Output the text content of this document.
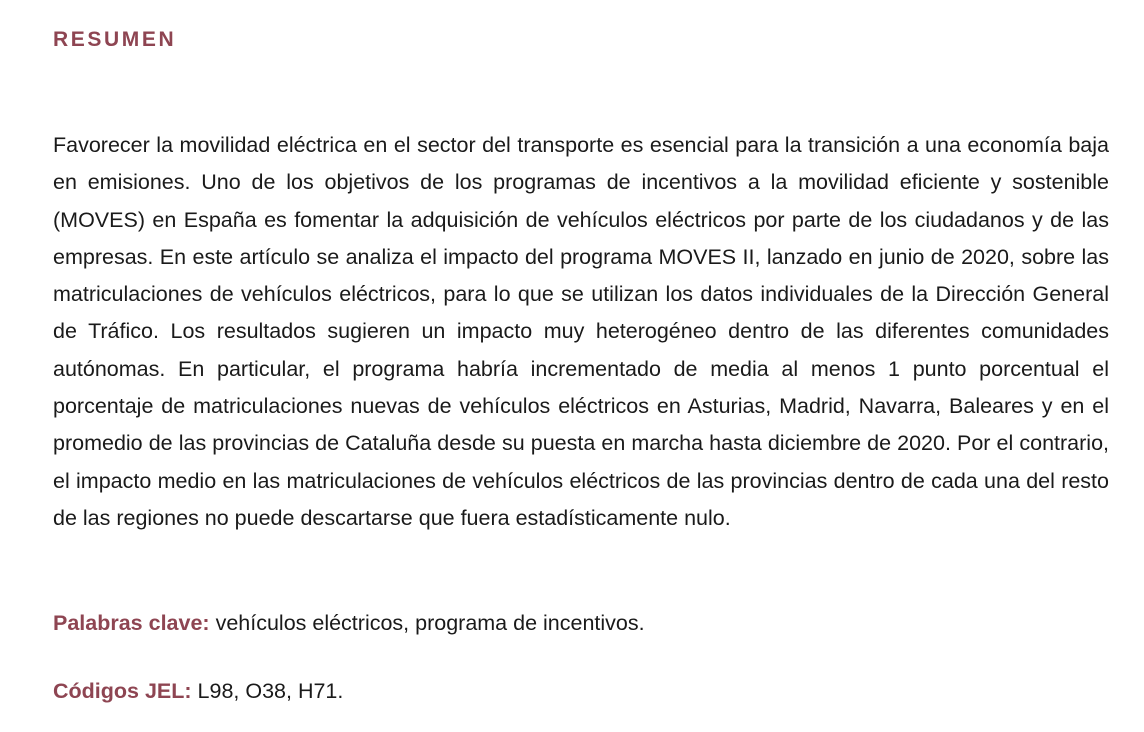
RESUMEN

Favorecer la movilidad eléctrica en el sector del transporte es esencial para la transición a una economía baja en emisiones. Uno de los objetivos de los programas de incentivos a la movilidad eficiente y sostenible (MOVES) en España es fomentar la adquisición de vehículos eléctricos por parte de los ciudadanos y de las empresas. En este artículo se analiza el impacto del programa MOVES II, lanzado en junio de 2020, sobre las matriculaciones de vehículos eléctricos, para lo que se utilizan los datos individuales de la Dirección General de Tráfico. Los resultados sugieren un impacto muy heterogéneo dentro de las diferentes comunidades autónomas. En particular, el programa habría incrementado de media al menos 1 punto porcentual el porcentaje de matriculaciones nuevas de vehículos eléctricos en Asturias, Madrid, Navarra, Baleares y en el promedio de las provincias de Cataluña desde su puesta en marcha hasta diciembre de 2020. Por el contrario, el impacto medio en las matriculaciones de vehículos eléctricos de las provincias dentro de cada una del resto de las regiones no puede descartarse que fuera estadísticamente nulo.

Palabras clave: vehículos eléctricos, programa de incentivos.

Códigos JEL: L98, O38, H71.
